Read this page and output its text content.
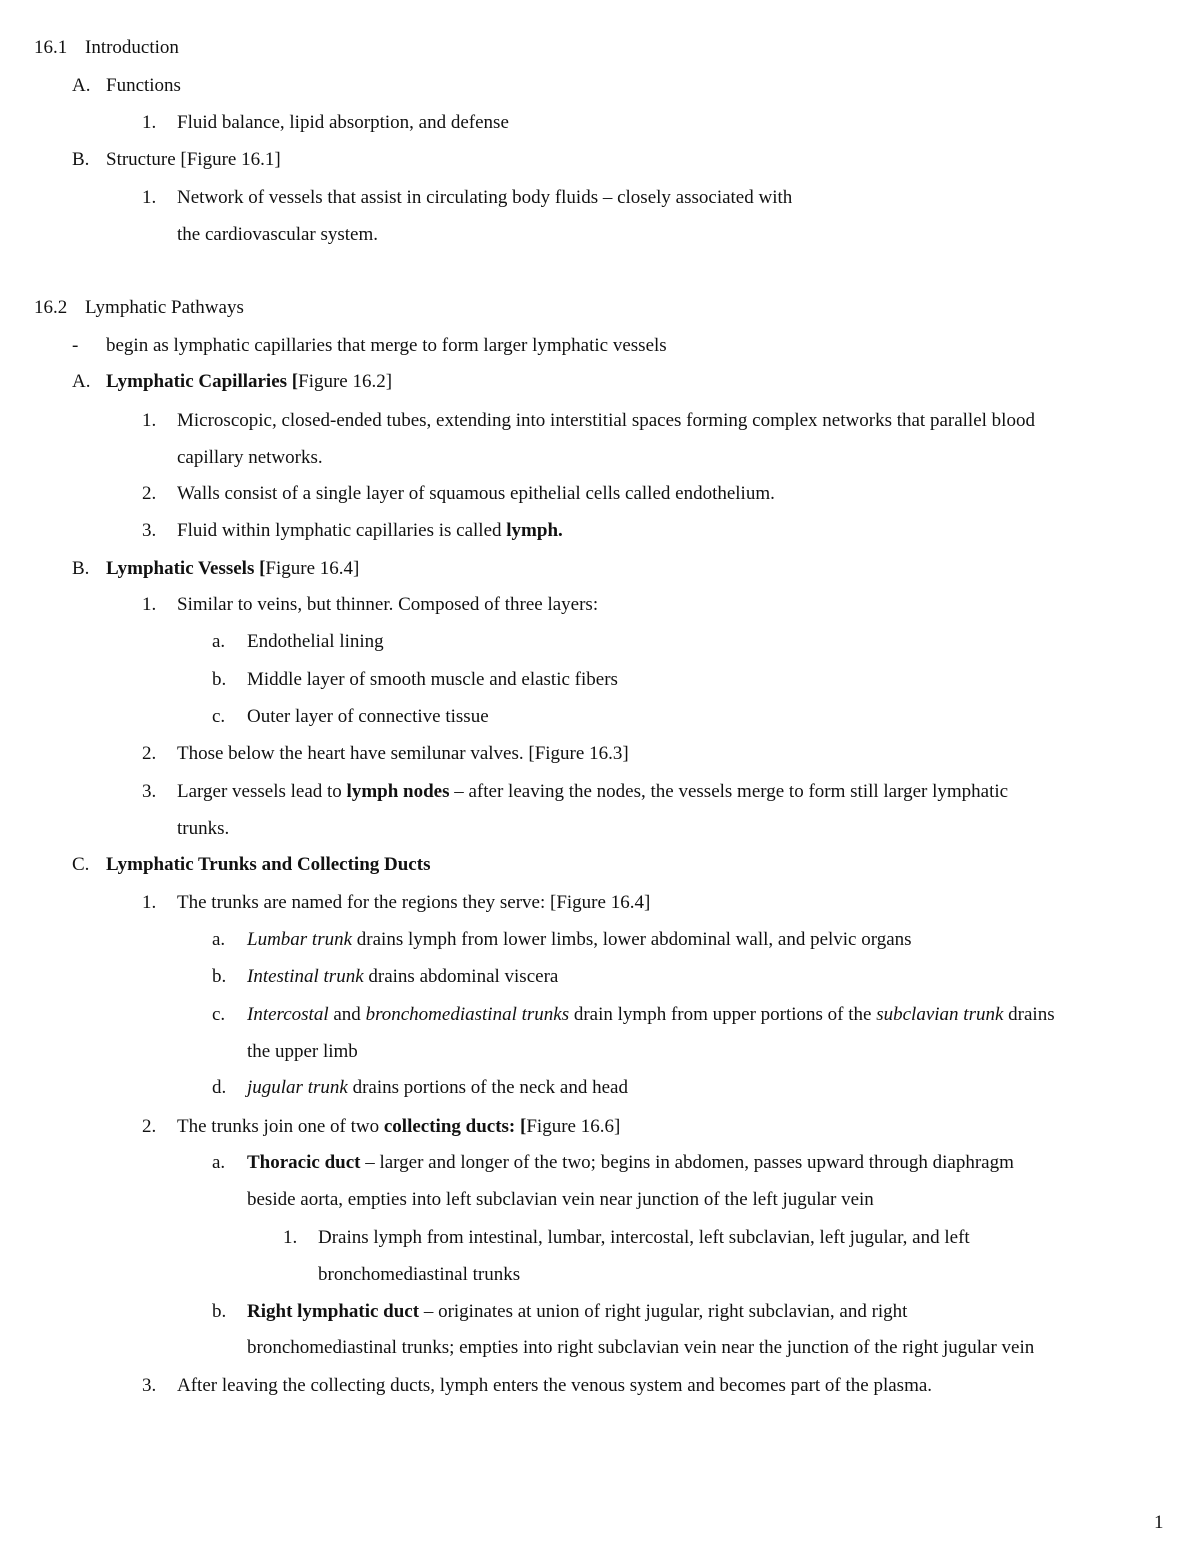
16.1 Introduction
A. Functions
1. Fluid balance, lipid absorption, and defense
B. Structure [Figure 16.1]
1. Network of vessels that assist in circulating body fluids – closely associated with
the cardiovascular system.
16.2 Lymphatic Pathways
- begin as lymphatic capillaries that merge to form larger lymphatic vessels
A. Lymphatic Capillaries [Figure 16.2]
1. Microscopic, closed-ended tubes, extending into interstitial spaces forming complex networks that parallel blood
capillary networks.
2. Walls consist of a single layer of squamous epithelial cells called endothelium.
3. Fluid within lymphatic capillaries is called lymph.
B. Lymphatic Vessels [Figure 16.4]
1. Similar to veins, but thinner. Composed of three layers:
a. Endothelial lining
b. Middle layer of smooth muscle and elastic fibers
c. Outer layer of connective tissue
2. Those below the heart have semilunar valves. [Figure 16.3]
3. Larger vessels lead to lymph nodes – after leaving the nodes, the vessels merge to form still larger lymphatic
trunks.
C. Lymphatic Trunks and Collecting Ducts
1. The trunks are named for the regions they serve: [Figure 16.4]
a. Lumbar trunk drains lymph from lower limbs, lower abdominal wall, and pelvic organs
b. Intestinal trunk drains abdominal viscera
c. Intercostal and bronchomediastinal trunks drain lymph from upper portions of the subclavian trunk drains
the upper limb
d. jugular trunk drains portions of the neck and head
2. The trunks join one of two collecting ducts: [Figure 16.6]
a. Thoracic duct – larger and longer of the two; begins in abdomen, passes upward through diaphragm
beside aorta, empties into left subclavian vein near junction of the left jugular vein
1. Drains lymph from intestinal, lumbar, intercostal, left subclavian, left jugular, and left
bronchomediastinal trunks
b. Right lymphatic duct – originates at union of right jugular, right subclavian, and right
bronchomediastinal trunks; empties into right subclavian vein near the junction of the right jugular vein
3. After leaving the collecting ducts, lymph enters the venous system and becomes part of the plasma.
1
